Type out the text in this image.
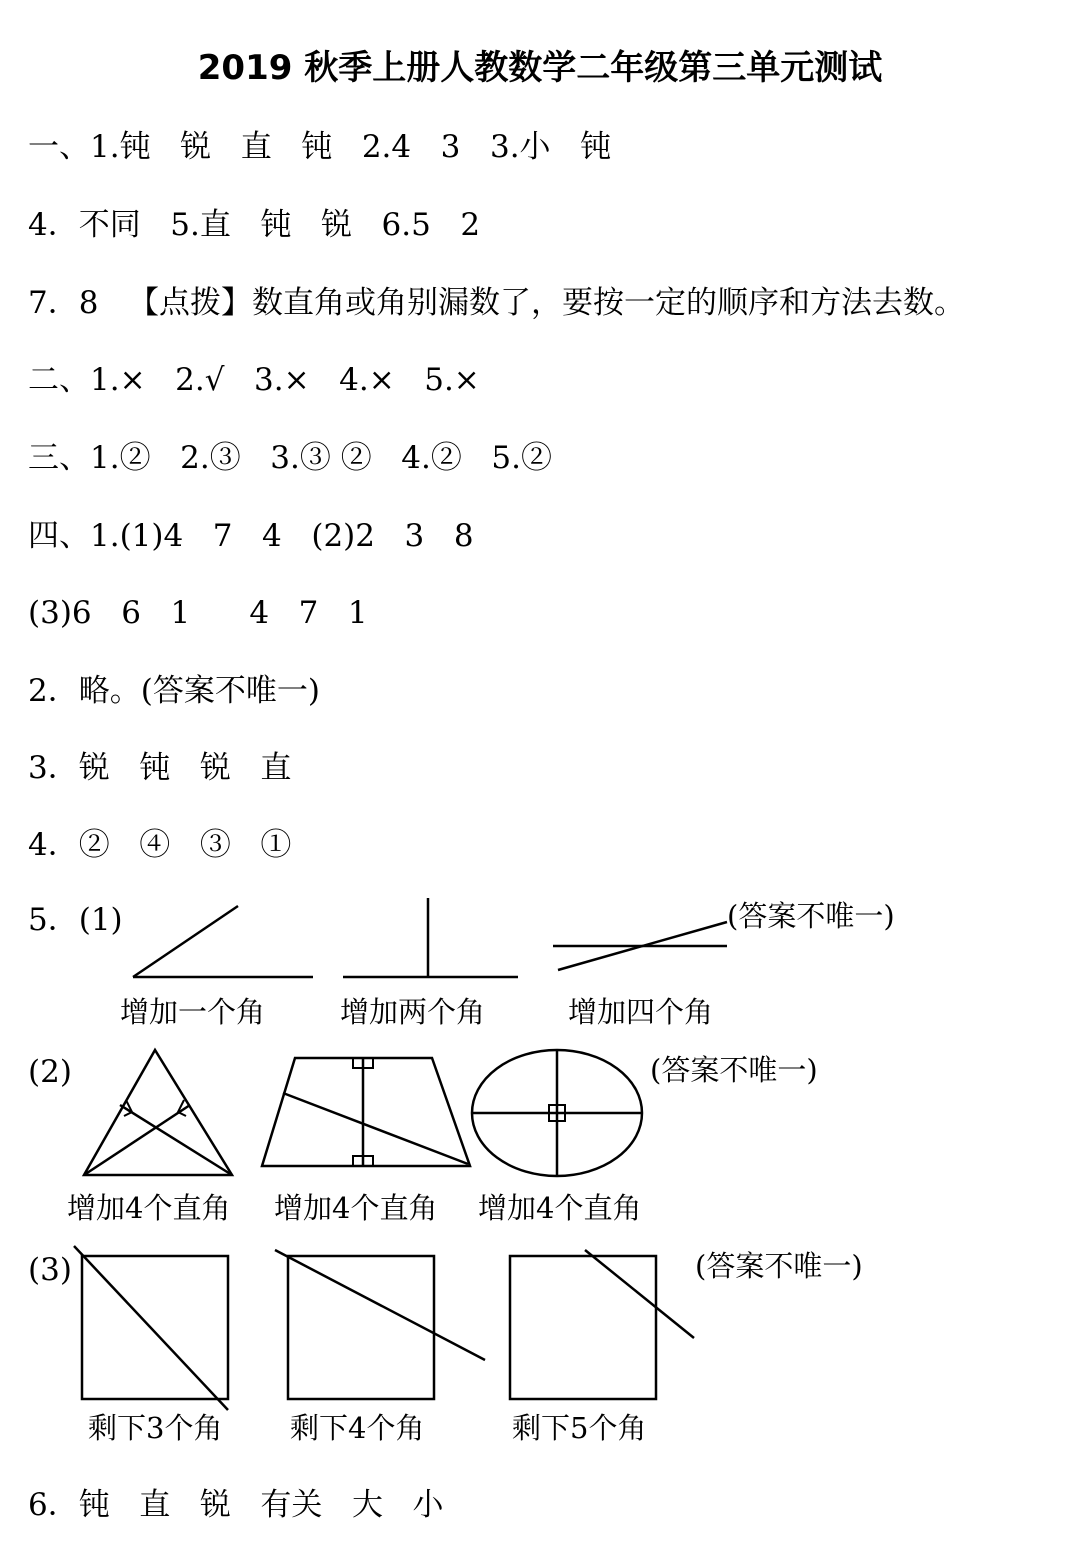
2019 秋季上册人教数学二年级第三单元测试
一、1.钝   锐   直   钝   2.4   3   3.小   钝
4．不同   5.直   钝   锐   6.5   2
7．8   【点拨】数直角或角别漏数了，要按一定的顺序和方法去数。
二、1.×   2.√   3.×   4.×   5.×
三、1.②   2.③   3.③ ②   4.②   5.②
四、1.(1)4   7   4   (2)2   3   8
(3)6   6   1      4   7   1
2．略。(答案不唯一)
3．锐   钝   锐   直
4．②   ④   ③   ①
5．(1)
(2)
(3)
6．钝   直   锐   有关   大   小
(答案不唯一)
增加一个角	增加两个角	增加四个角
(答案不唯一)
增加4个直角 增加4个直角 增加4个直角
(答案不唯一)
剩下3个角 剩下4个角	剩下5个角
